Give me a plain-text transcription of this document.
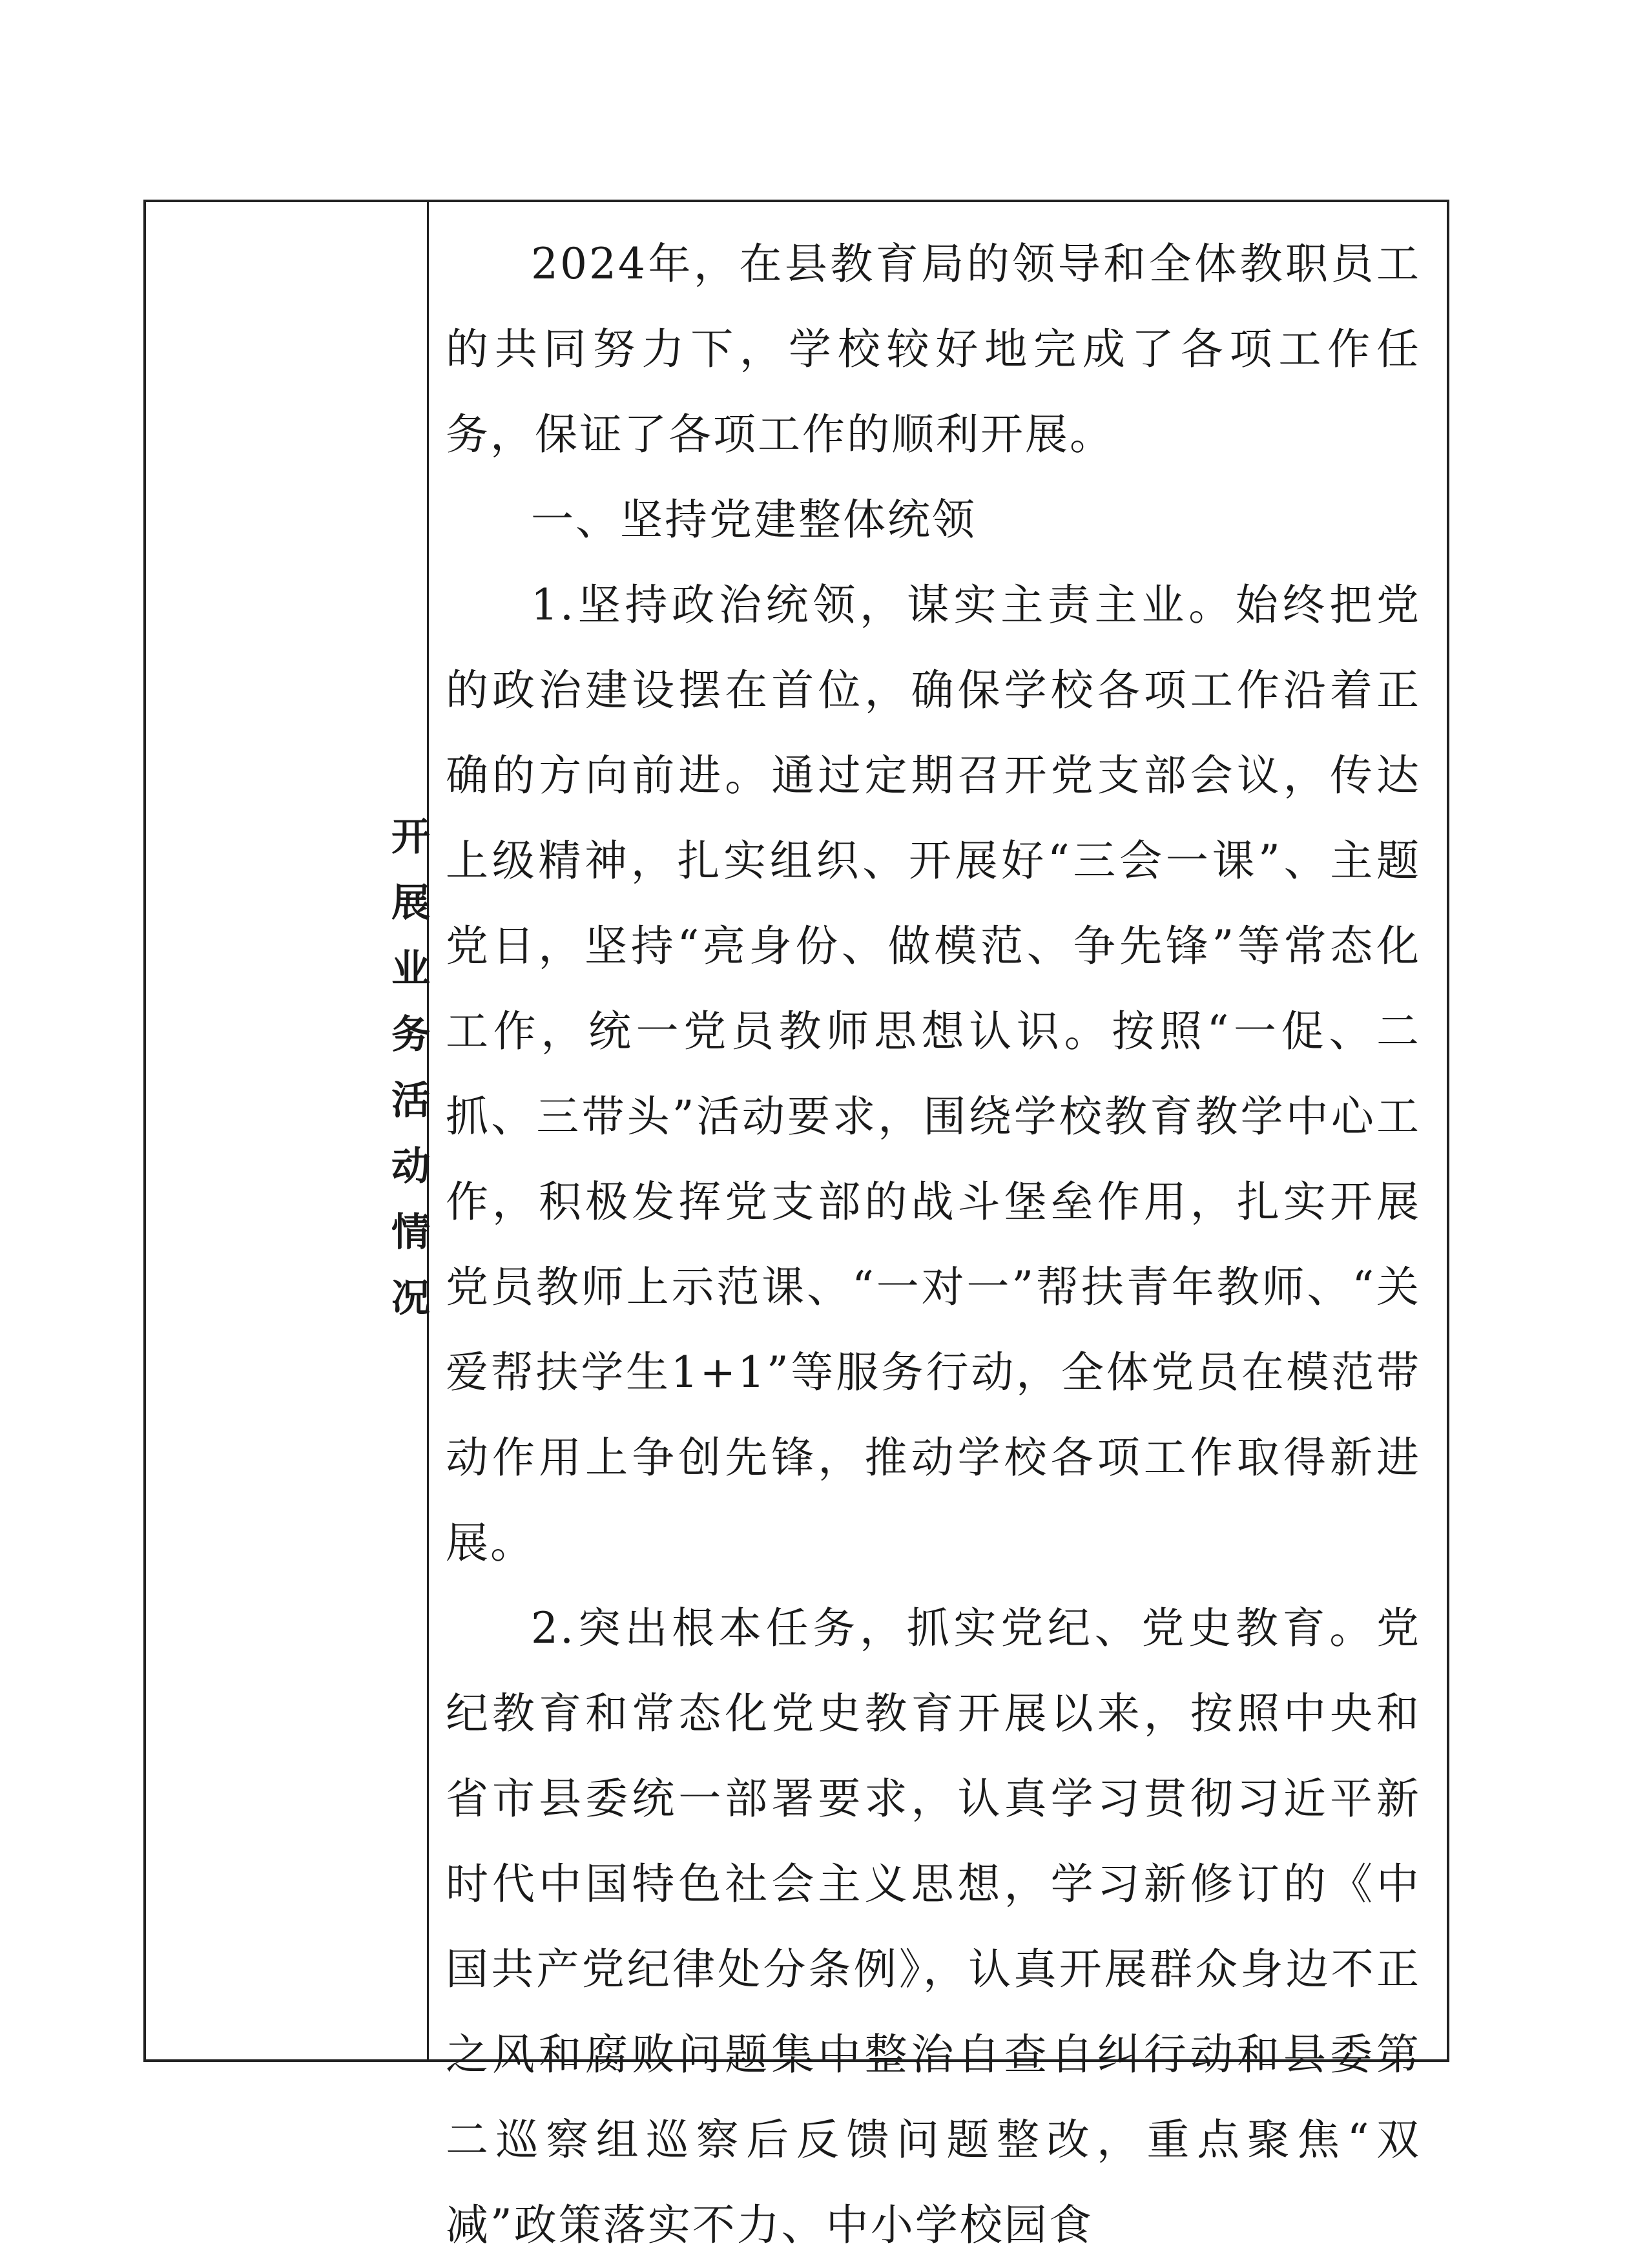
开展业务活动情况

2024年，在县教育局的领导和全体教职员工的共同努力下，学校较好地完成了各项工作任务，保证了各项工作的顺利开展。

一、坚持党建整体统领

1.坚持政治统领，谋实主责主业。始终把党的政治建设摆在首位，确保学校各项工作沿着正确的方向前进。通过定期召开党支部会议，传达上级精神，扎实组织、开展好“三会一课”、主题党日，坚持“亮身份、做模范、争先锋”等常态化工作，统一党员教师思想认识。按照“一促、二抓、三带头”活动要求，围绕学校教育教学中心工作，积极发挥党支部的战斗堡垒作用，扎实开展党员教师上示范课、“一对一”帮扶青年教师、“关爱帮扶学生1+1”等服务行动，全体党员在模范带动作用上争创先锋，推动学校各项工作取得新进展。

2.突出根本任务，抓实党纪、党史教育。党纪教育和常态化党史教育开展以来，按照中央和省市县委统一部署要求，认真学习贯彻习近平新时代中国特色社会主义思想，学习新修订的《中国共产党纪律处分条例》，认真开展群众身边不正之风和腐败问题集中整治自查自纠行动和县委第二巡察组巡察后反馈问题整改，重点聚焦“双减”政策落实不力、中小学校园食
